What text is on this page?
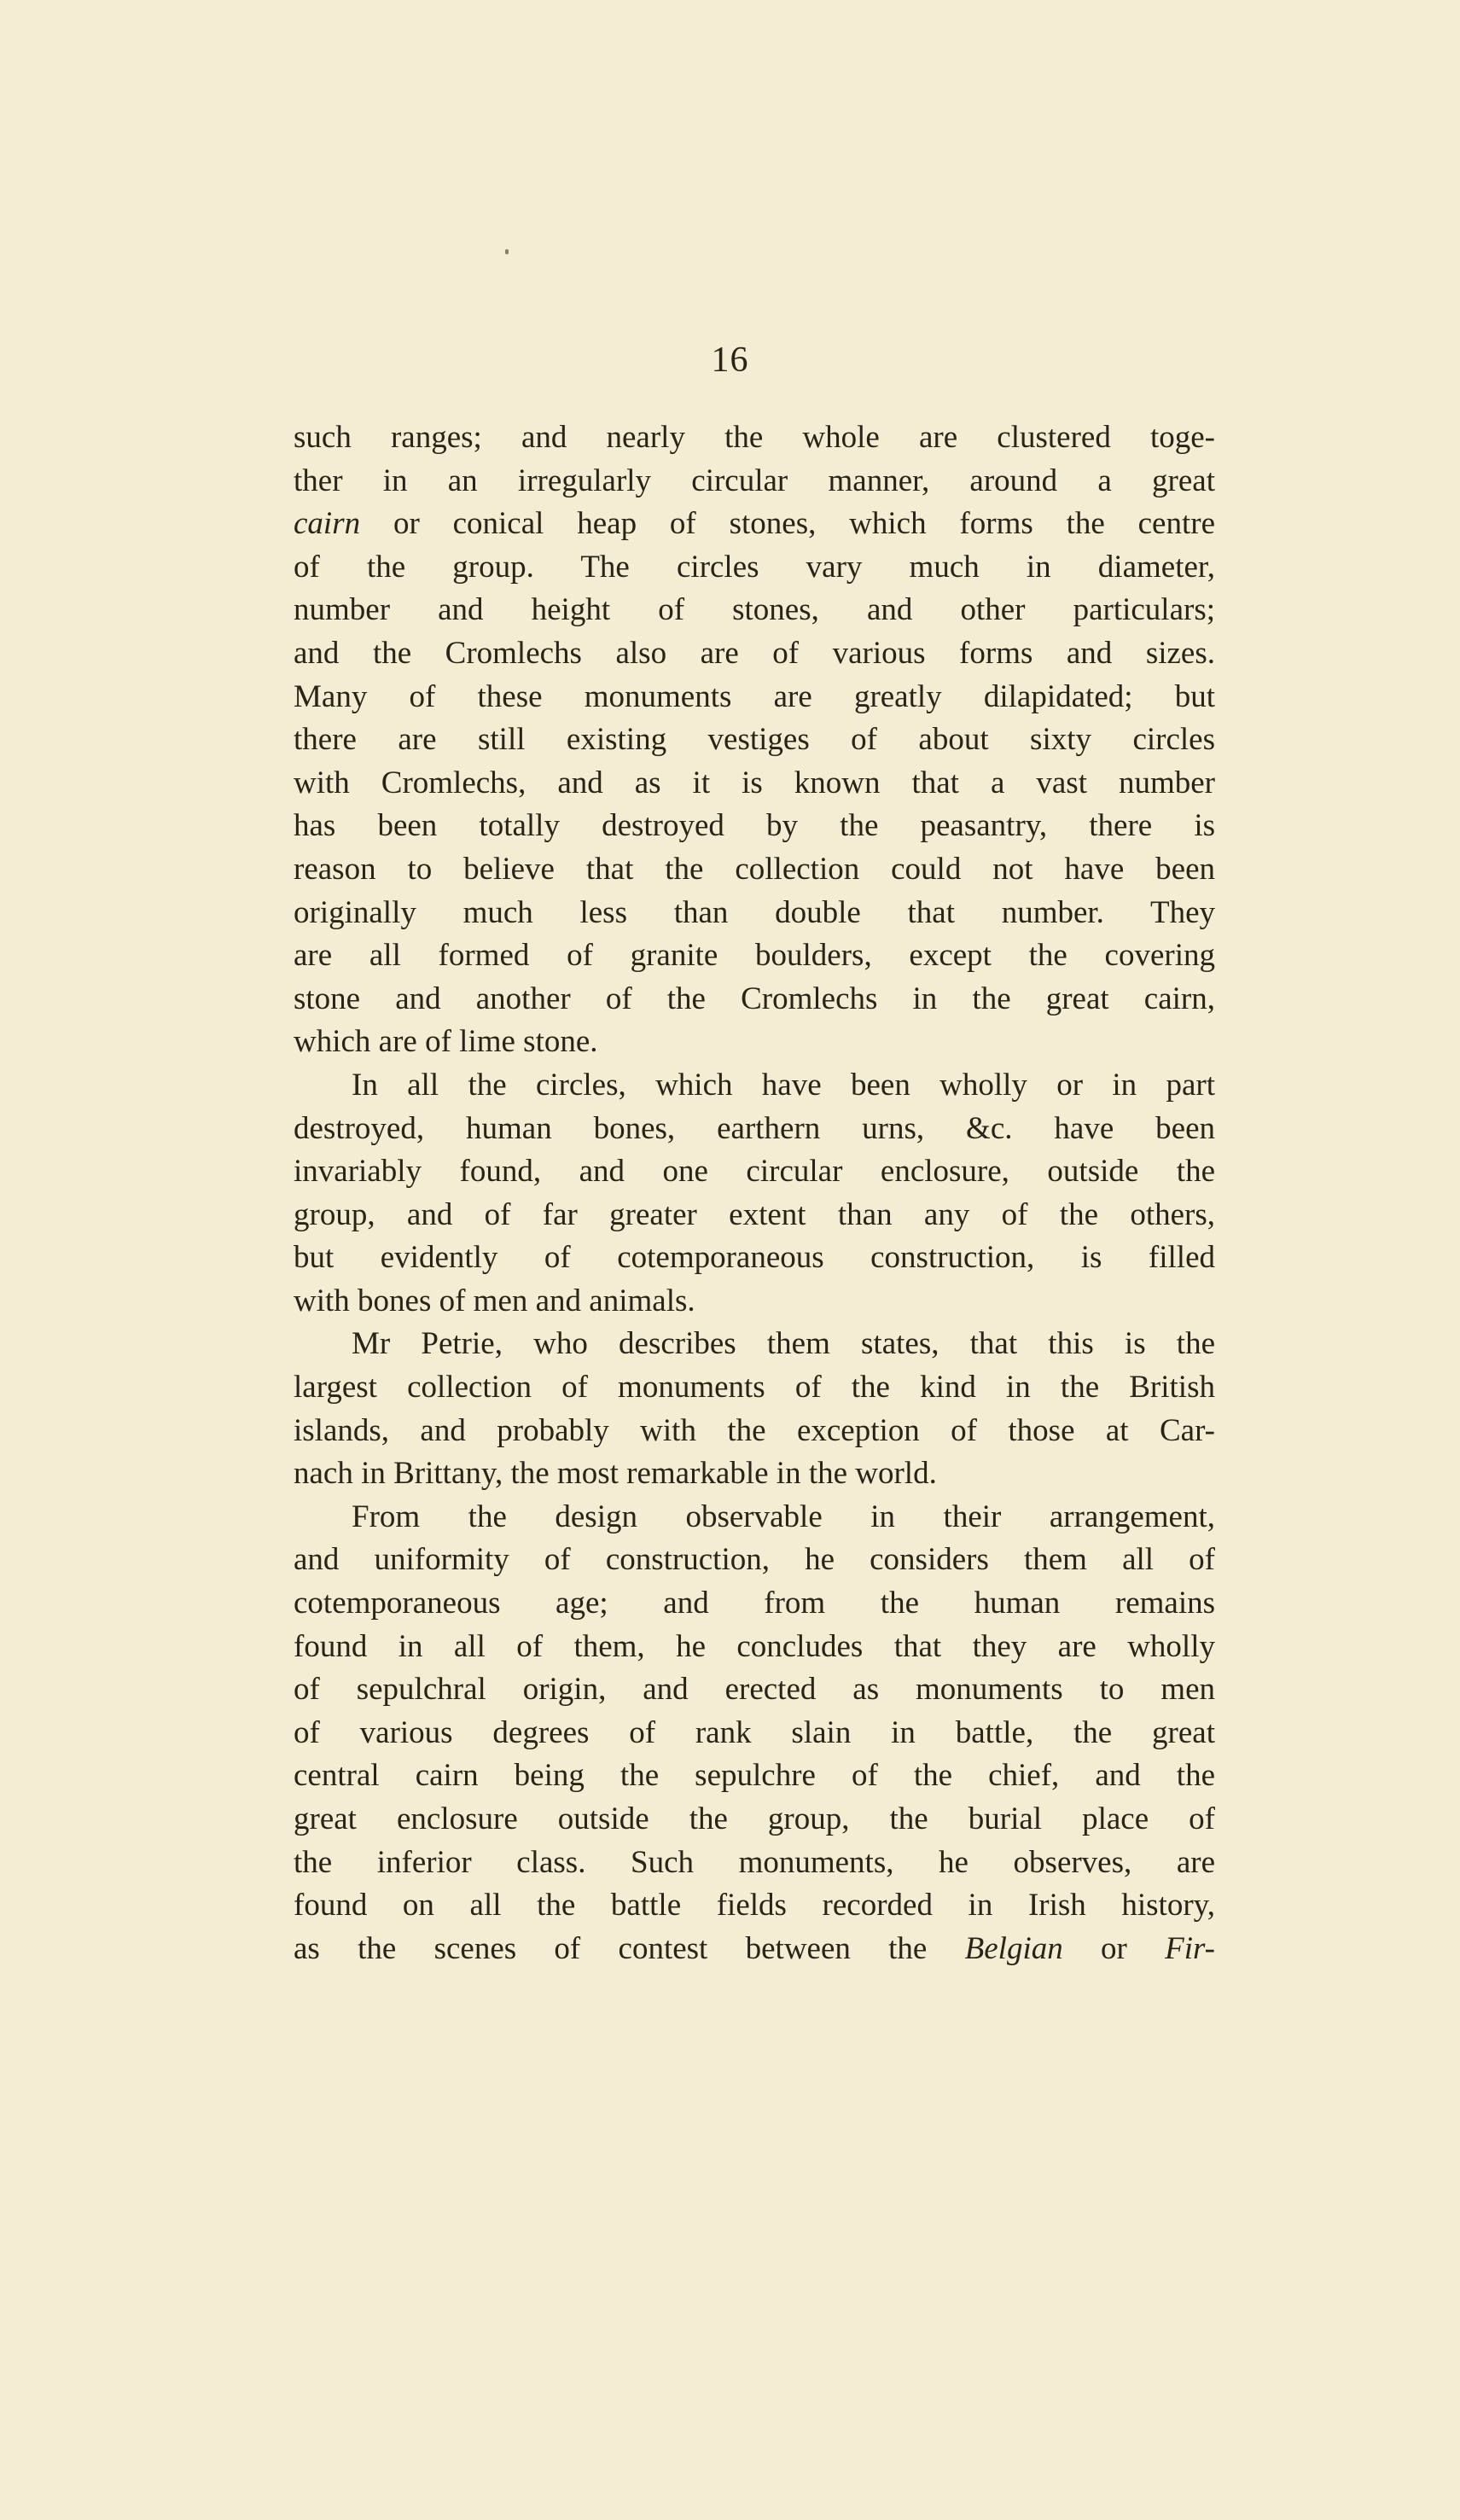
16
such ranges; and nearly the whole are clustered toge-
ther in an irregularly circular manner, around a great
cairn or conical heap of stones, which forms the centre
of the group. The circles vary much in diameter,
number and height of stones, and other particulars;
and the Cromlechs also are of various forms and sizes.
Many of these monuments are greatly dilapidated; but
there are still existing vestiges of about sixty circles
with Cromlechs, and as it is known that a vast number
has been totally destroyed by the peasantry, there is
reason to believe that the collection could not have been
originally much less than double that number. They
are all formed of granite boulders, except the covering
stone and another of the Cromlechs in the great cairn,
which are of lime stone.
In all the circles, which have been wholly or in part
destroyed, human bones, earthern urns, &c. have been
invariably found, and one circular enclosure, outside the
group, and of far greater extent than any of the others,
but evidently of cotemporaneous construction, is filled
with bones of men and animals.
Mr Petrie, who describes them states, that this is the
largest collection of monuments of the kind in the British
islands, and probably with the exception of those at Car-
nach in Brittany, the most remarkable in the world.
From the design observable in their arrangement,
and uniformity of construction, he considers them all of
cotemporaneous age; and from the human remains
found in all of them, he concludes that they are wholly
of sepulchral origin, and erected as monuments to men
of various degrees of rank slain in battle, the great
central cairn being the sepulchre of the chief, and the
great enclosure outside the group, the burial place of
the inferior class. Such monuments, he observes, are
found on all the battle fields recorded in Irish history,
as the scenes of contest between the Belgian or Fir-
